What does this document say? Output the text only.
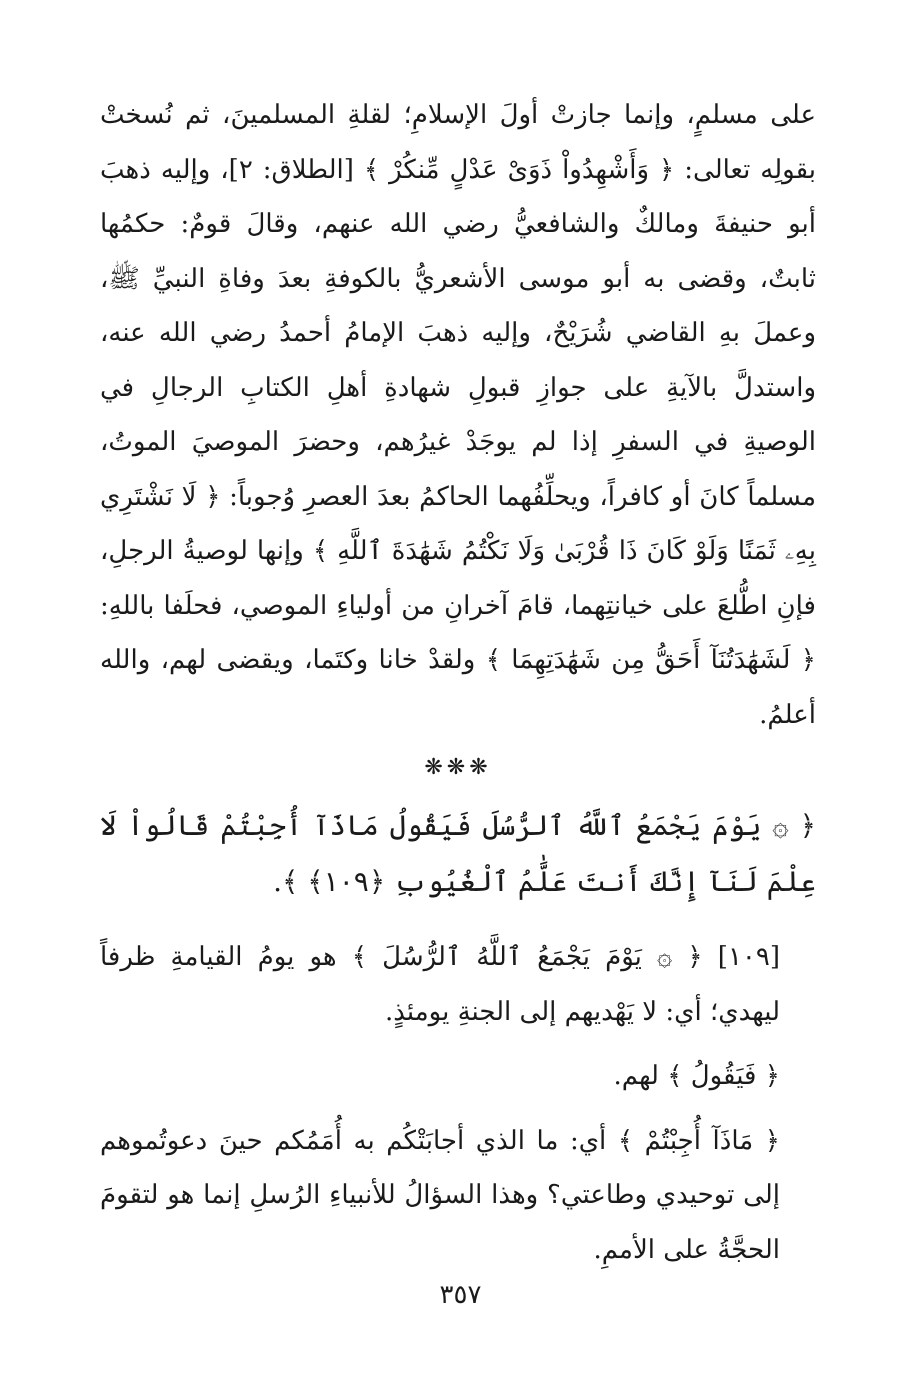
على مسلمٍ، وإنما جازتْ أولَ الإسلامِ؛ لقلةِ المسلمينَ، ثم نُسختْ بقولِه تعالى: ﴿ وَأَشْهِدُواْ ذَوَىْ عَدْلٍ مِّنكُرْ ﴾ [الطلاق: ٢]، وإليه ذهبَ أبو حنيفةَ ومالكٌ والشافعيُّ رضي الله عنهم، وقالَ قومٌ: حكمُها ثابتٌ، وقضى به أبو موسى الأشعريُّ بالكوفةِ بعدَ وفاةِ النبيِّ ﷺ، وعملَ بهِ القاضي شُرَيْحٌ، وإليه ذهبَ الإمامُ أحمدُ رضي الله عنه، واستدلَّ بالآيةِ على جوازِ قبولِ شهادةِ أهلِ الكتابِ الرجالِ في الوصيةِ في السفرِ إذا لم يوجَدْ غيرُهم، وحضرَ الموصيَ الموتُ، مسلماً كانَ أو كافراً، ويحلِّفُهما الحاكمُ بعدَ العصرِ وُجوباً: ﴿ لَا نَشْتَرِي بِهِۦ ثَمَنًا وَلَوْ كَانَ ذَا قُرْبَىٰ وَلَا نَكْتُمُ شَهَٰدَةَ ٱللَّهِ ﴾ وإنها لوصيةُ الرجلِ، فإنِ اطُّلعَ على خيانتِهما، قامَ آخرانِ من أولياءِ الموصي، فحلَفا باللهِ: ﴿ لَشَهَٰدَتُنَآ أَحَقُّ مِن شَهَٰدَتِهِمَا ﴾ ولقدْ خانا وكتَما، ويقضى لهم، والله أعلمُ.

❋❋❋

﴿ ۞ يَوْمَ يَجْمَعُ ٱللَّهُ ٱلرُّسُلَ فَيَقُولُ مَاذَآ أُجِبْتُمْ قَالُواْ لَا عِلْمَ لَنَآ إِنَّكَ أَنتَ عَلَّٰمُ ٱلْغُيُوبِ ﴿١٠٩﴾ ﴾.

[١٠٩] ﴿ ۞ يَوْمَ يَجْمَعُ ٱللَّهُ ٱلرُّسُلَ ﴾ هو يومُ القيامةِ ظرفاً ليهدي؛ أي: لا يَهْديهم إلى الجنةِ يومئذٍ.

﴿ فَيَقُولُ ﴾ لهم.

﴿ مَاذَآ أُجِبْتُمْ ﴾ أي: ما الذي أجابَتْكُم به أُمَمُكم حينَ دعوتُموهم إلى توحيدي وطاعتي؟ وهذا السؤالُ للأنبياءِ الرُسلِ إنما هو لتقومَ الحجَّةُ على الأممِ.

٣٥٧
